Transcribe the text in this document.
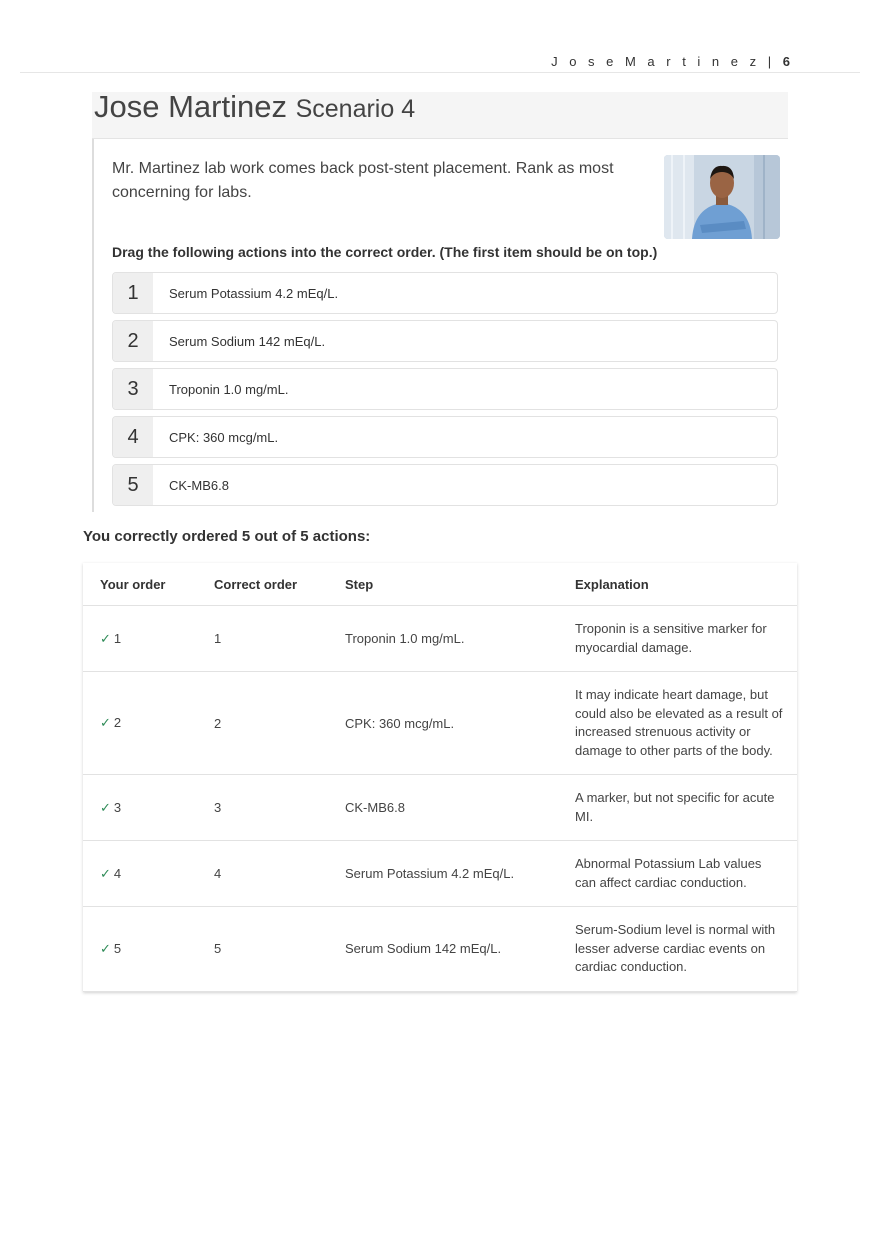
J o s e M a r t i n e z | 6
Jose Martinez Scenario 4
Mr. Martinez lab work comes back post-stent placement. Rank as most concerning for labs.
Drag the following actions into the correct order. (The first item should be on top.)
1	Serum Potassium 4.2 mEq/L.
2	Serum Sodium 142 mEq/L.
3	Troponin 1.0 mg/mL.
4	CPK: 360 mcg/mL.
5	CK-MB6.8
You correctly ordered 5 out of 5 actions:
Your order	Correct order	Step	Explanation
✓ 1	1	Troponin 1.0 mg/mL.	Troponin is a sensitive marker for myocardial damage.
✓ 2	2	CPK: 360 mcg/mL.	It may indicate heart damage, but could also be elevated as a result of increased strenuous activity or damage to other parts of the body.
✓ 3	3	CK-MB6.8	A marker, but not specific for acute MI.
✓ 4	4	Serum Potassium 4.2 mEq/L.	Abnormal Potassium Lab values can affect cardiac conduction.
✓ 5	5	Serum Sodium 142 mEq/L.	Serum-Sodium level is normal with lesser adverse cardiac events on cardiac conduction.
